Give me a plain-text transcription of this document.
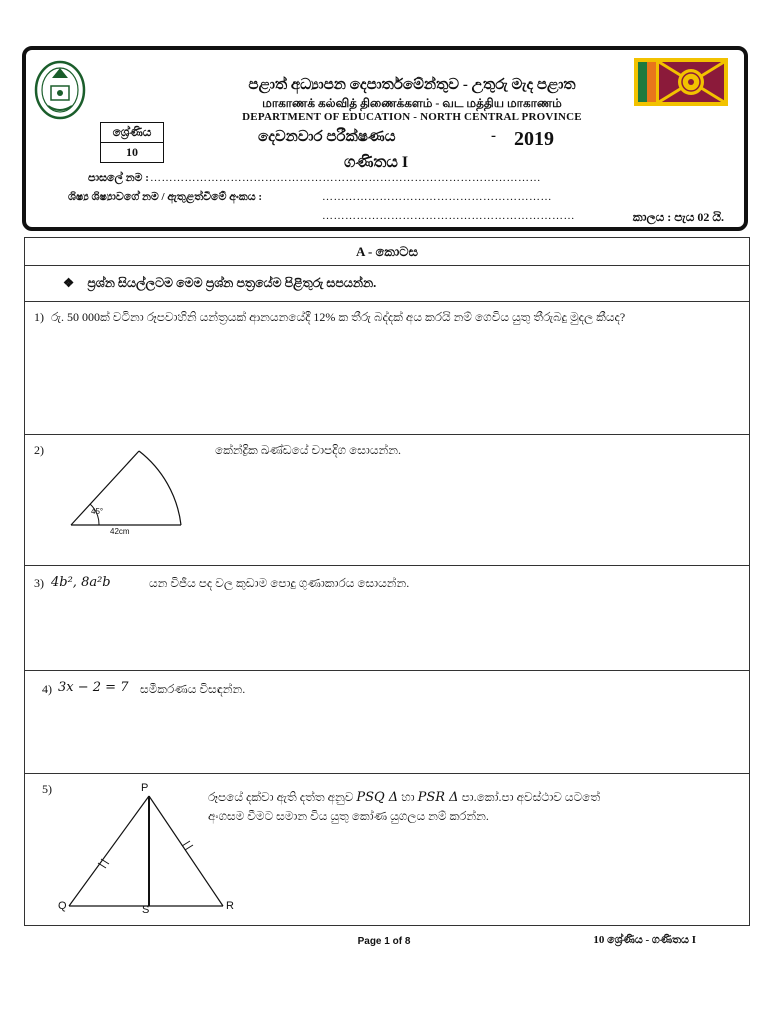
පළාත් අධ්‍යාපන දෙපාර්තමේන්තුව - උතුරු මැද පළාත
மாகாணக் கல்வித் திணைக்களம் - வட மத்திய மாகாணம்
DEPARTMENT OF EDUCATION - NORTH CENTRAL PROVINCE
ශ්‍රේණිය
10
දෙවනවාර පරීක්ෂණය	- 2019
ගණිතය I
පාසලේ නම : …………………………………………………………………………………………
ශිෂ්‍ය ශිෂ්‍යාවගේ නම / ඇතුළත්වීමේ අංකය :	……………………………………………………
…………………………………………………………	කාලය : පැය 02 යි.
A - කොටස
❖ ප්‍රශ්න සියල්ලටම මෙම ප්‍රශ්න පත්‍රයේම පිළිතුරු සපයන්න.
1) රු. 50 000ක් වටිනා රූපවාහිනි යන්ත්‍රයක් ආනයනයේදී 12% ක තීරු බද්දක් අය කරයි නම් ගෙවිය යුතු තීරුබදු මුදල කීයද?
2)
45°
42cm
කේන්ද්‍රික ඛණ්ඩයේ චාපදිග සොයන්න.
3) 4b², 8a²b	යන විජීය පද වල කුඩාම පොදු ගුණාකාරය සොයන්න.
4) 3x − 2 = 7 සමීකරණය විසඳන්න.
5)	P
Q	S	R
රූපයේ දක්වා ඇති දත්ත අනුව PSQ Δ හා PSR Δ පා.කෝ.පා අවස්ථාව යටතේ
අංගසම වීමට සමාන විය යුතු කෝණ යුගලය නම් කරන්න.
Page 1 of 8	10 ශ්‍රේණිය - ගණිතය I
